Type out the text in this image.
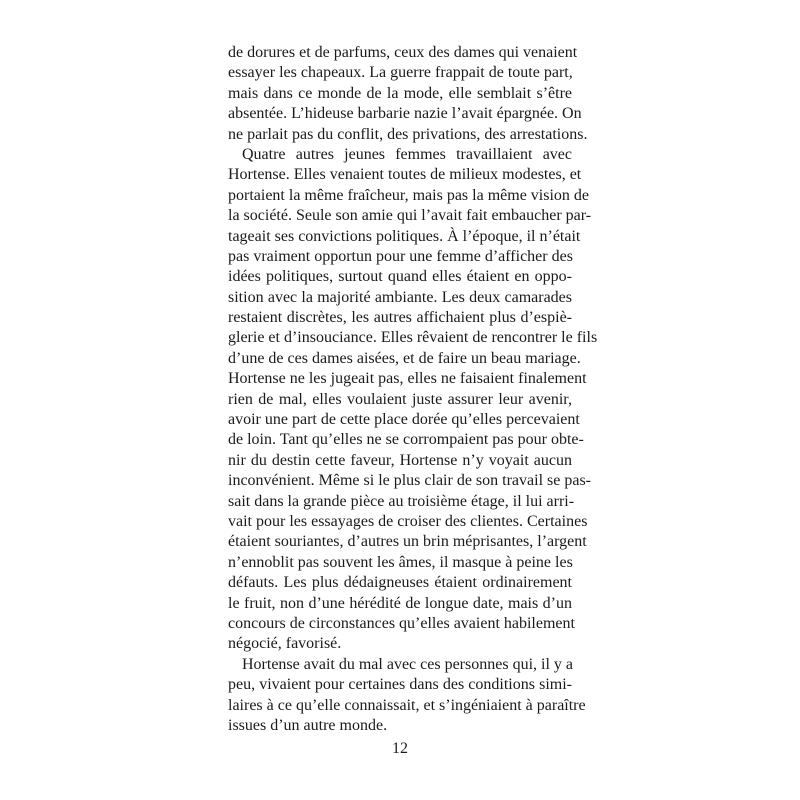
de dorures et de parfums, ceux des dames qui venaient
essayer les chapeaux. La guerre frappait de toute part,
mais dans ce monde de la mode, elle semblait s’être
absentée. L’hideuse barbarie nazie l’avait épargnée. On
ne parlait pas du conflit, des privations, des arrestations.
Quatre autres jeunes femmes travaillaient avec
Hortense. Elles venaient toutes de milieux modestes, et
portaient la même fraîcheur, mais pas la même vision de
la société. Seule son amie qui l’avait fait embaucher par-
tageait ses convictions politiques. À l’époque, il n’était
pas vraiment opportun pour une femme d’afficher des
idées politiques, surtout quand elles étaient en oppo-
sition avec la majorité ambiante. Les deux camarades
restaient discrètes, les autres affichaient plus d’espiè-
glerie et d’insouciance. Elles rêvaient de rencontrer le fils
d’une de ces dames aisées, et de faire un beau mariage.
Hortense ne les jugeait pas, elles ne faisaient finalement
rien de mal, elles voulaient juste assurer leur avenir,
avoir une part de cette place dorée qu’elles percevaient
de loin. Tant qu’elles ne se corrompaient pas pour obte-
nir du destin cette faveur, Hortense n’y voyait aucun
inconvénient. Même si le plus clair de son travail se pas-
sait dans la grande pièce au troisième étage, il lui arri-
vait pour les essayages de croiser des clientes. Certaines
étaient souriantes, d’autres un brin méprisantes, l’argent
n’ennoblit pas souvent les âmes, il masque à peine les
défauts. Les plus dédaigneuses étaient ordinairement
le fruit, non d’une hérédité de longue date, mais d’un
concours de circonstances qu’elles avaient habilement
négocié, favorisé.
Hortense avait du mal avec ces personnes qui, il y a
peu, vivaient pour certaines dans des conditions simi-
laires à ce qu’elle connaissait, et s’ingéniaient à paraître
issues d’un autre monde.
12
